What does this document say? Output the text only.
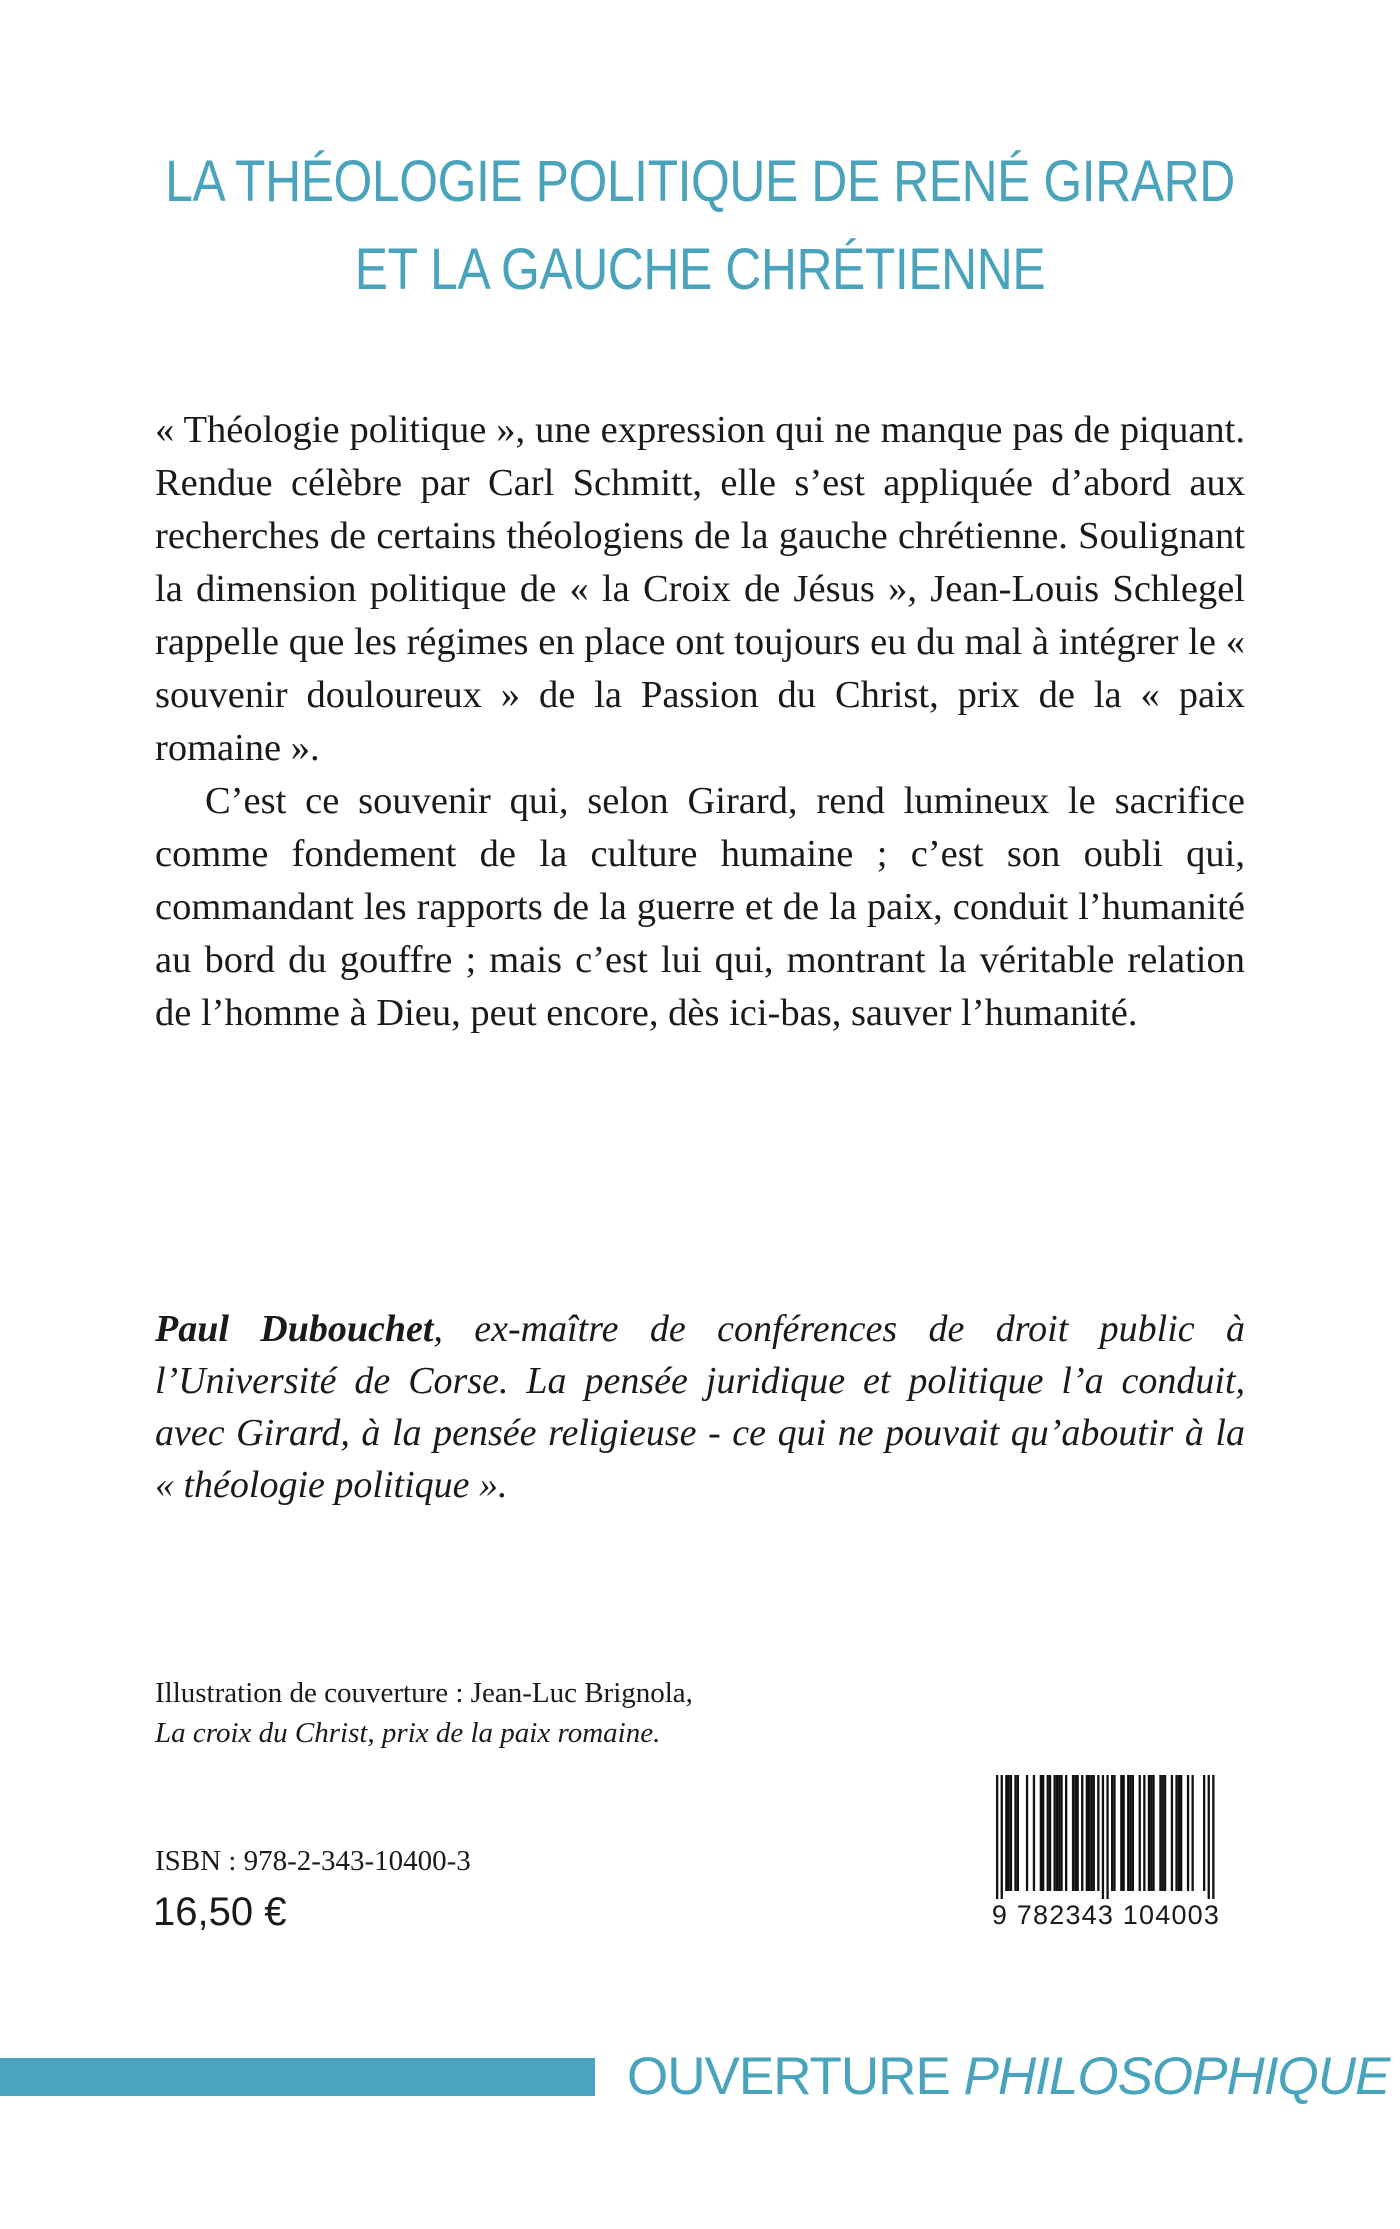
LA THÉOLOGIE POLITIQUE DE RENÉ GIRARD
ET LA GAUCHE CHRÉTIENNE

« Théologie politique », une expression qui ne manque pas de piquant. Rendue célèbre par Carl Schmitt, elle s’est appliquée d’abord aux recherches de certains théologiens de la gauche chrétienne. Soulignant la dimension politique de « la Croix de Jésus », Jean-Louis Schlegel rappelle que les régimes en place ont toujours eu du mal à intégrer le « souvenir douloureux » de la Passion du Christ, prix de la « paix romaine ».

C’est ce souvenir qui, selon Girard, rend lumineux le sacrifice comme fondement de la culture humaine ; c’est son oubli qui, commandant les rapports de la guerre et de la paix, conduit l’humanité au bord du gouffre ; mais c’est lui qui, montrant la véritable relation de l’homme à Dieu, peut encore, dès ici-bas, sauver l’humanité.

Paul Dubouchet, ex-maître de conférences de droit public à l’Université de Corse. La pensée juridique et politique l’a conduit, avec Girard, à la pensée religieuse - ce qui ne pouvait qu’aboutir à la « théologie politique ».
Illustration de couverture : Jean-Luc Brignola,
La croix du Christ, prix de la paix romaine.
ISBN : 978-2-343-10400-3
16,50 €	9 782343 104003
OUVERTURE PHILOSOPHIQUE
